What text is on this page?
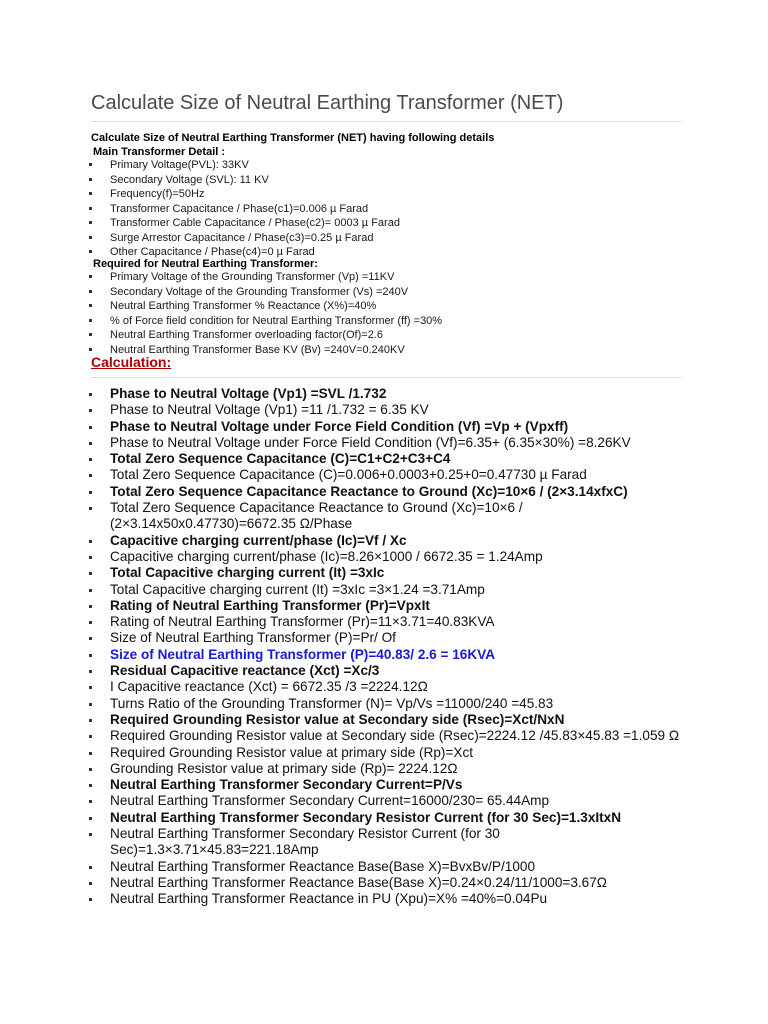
Calculate Size of Neutral Earthing Transformer (NET)
Calculate Size of Neutral Earthing Transformer (NET) having following details
Main Transformer Detail :
Primary Voltage(PVL): 33KV
Secondary Voltage (SVL): 11 KV
Frequency(f)=50Hz
Transformer Capacitance / Phase(c1)=0.006 µ Farad
Transformer Cable Capacitance / Phase(c2)= 0003 µ Farad
Surge Arrestor Capacitance / Phase(c3)=0.25 µ Farad
Other Capacitance / Phase(c4)=0 µ Farad
Required for Neutral Earthing Transformer:
Primary Voltage of the Grounding Transformer (Vp) =11KV
Secondary Voltage of the Grounding Transformer (Vs) =240V
Neutral Earthing Transformer % Reactance (X%)=40%
% of Force field condition for Neutral Earthing Transformer (ff) =30%
Neutral Earthing Transformer overloading factor(Of)=2.6
Neutral Earthing Transformer Base KV (Bv) =240V=0.240KV
Calculation:
Phase to Neutral Voltage (Vp1) =SVL /1.732
Phase to Neutral Voltage (Vp1) =11 /1.732 = 6.35 KV
Phase to Neutral Voltage under Force Field Condition (Vf) =Vp + (Vpxff)
Phase to Neutral Voltage under Force Field Condition (Vf)=6.35+ (6.35×30%) =8.26KV
Total Zero Sequence Capacitance (C)=C1+C2+C3+C4
Total Zero Sequence Capacitance (C)=0.006+0.0003+0.25+0=0.47730 µ Farad
Total Zero Sequence Capacitance Reactance to Ground (Xc)=10×6 / (2×3.14xfxC)
Total Zero Sequence Capacitance Reactance to Ground (Xc)=10×6 / (2×3.14x50x0.47730)=6672.35 Ω/Phase
Capacitive charging current/phase (Ic)=Vf / Xc
Capacitive charging current/phase (Ic)=8.26×1000 / 6672.35 = 1.24Amp
Total Capacitive charging current (It) =3xIc
Total Capacitive charging current (It) =3xIc =3×1.24 =3.71Amp
Rating of Neutral Earthing Transformer (Pr)=VpxIt
Rating of Neutral Earthing Transformer (Pr)=11×3.71=40.83KVA
Size of Neutral Earthing Transformer (P)=Pr/ Of
Size of Neutral Earthing Transformer (P)=40.83/ 2.6 = 16KVA
Residual Capacitive reactance (Xct) =Xc/3
I Capacitive reactance (Xct) = 6672.35 /3 =2224.12Ω
Turns Ratio of the Grounding Transformer (N)= Vp/Vs =11000/240 =45.83
Required Grounding Resistor value at Secondary side (Rsec)=Xct/NxN
Required Grounding Resistor value at Secondary side (Rsec)=2224.12 /45.83×45.83 =1.059 Ω
Required Grounding Resistor value at primary side (Rp)=Xct
Grounding Resistor value at primary side (Rp)= 2224.12Ω
Neutral Earthing Transformer Secondary Current=P/Vs
Neutral Earthing Transformer Secondary Current=16000/230= 65.44Amp
Neutral Earthing Transformer Secondary Resistor Current (for 30 Sec)=1.3xItxN
Neutral Earthing Transformer Secondary Resistor Current (for 30 Sec)=1.3×3.71×45.83=221.18Amp
Neutral Earthing Transformer Reactance Base(Base X)=BvxBv/P/1000
Neutral Earthing Transformer Reactance Base(Base X)=0.24×0.24/11/1000=3.67Ω
Neutral Earthing Transformer Reactance in PU (Xpu)=X% =40%=0.04Pu
